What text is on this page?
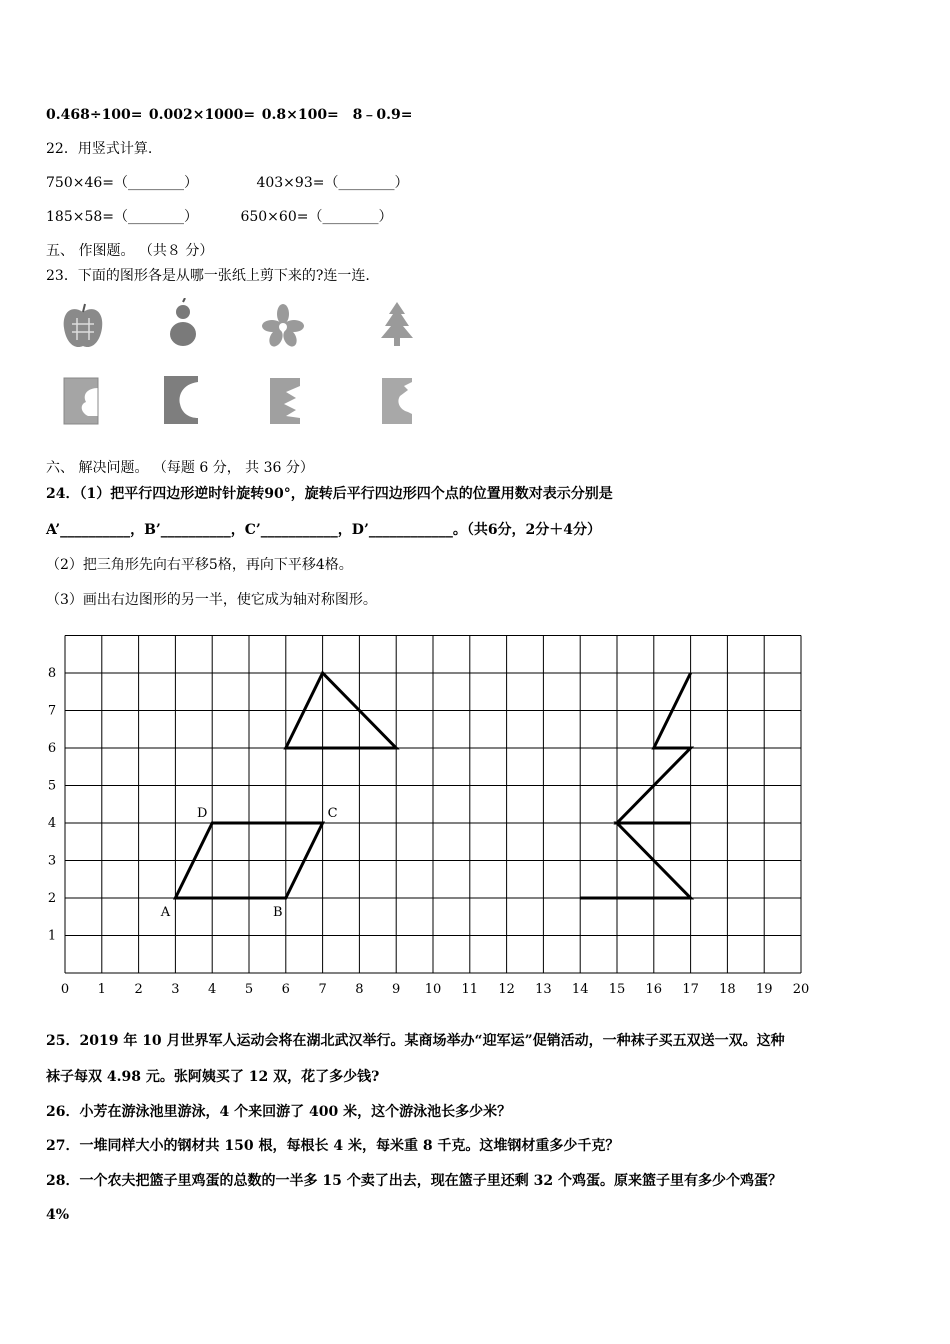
0.468÷100= 0.002×1000= 0.8×100= 8﹣0.9=
22．用竖式计算.
750×46=（________）	403×93=（________）
185×58=（________）	650×60=（________）
五、 作图题。 （共８ 分）
23．下面的图形各是从哪一张纸上剪下来的?连一连.
六、 解决问题。 （每题 6 分， 共 36 分）
24．（1）把平行四边形逆时针旋转90°，旋转后平行四边形四个点的位置用数对表示分别是
A’__________，B’__________，C’___________，D’____________。（共6分，2分＋4分）
（2）把三角形先向右平移5格，再向下平移4格。
（3）画出右边图形的另一半，使它成为轴对称图形。
0 1 2 3 4 5 6 7 8 9 10 11 12 13 14 15 16 17 18 19 20
1
2
3
4
5
6
7
8
A	B
C
D
25．2019 年 10 月世界军人运动会将在湖北武汉举行。某商场举办“迎军运”促销活动，一种袜子买五双送一双。这种
袜子每双 4.98 元。张阿姨买了 12 双，花了多少钱?
26．小芳在游泳池里游泳，4 个来回游了 400 米，这个游泳池长多少米？
27．一堆同样大小的钢材共 150 根，每根长 4 米，每米重 8 千克。这堆钢材重多少千克？
28．一个农夫把篮子里鸡蛋的总数的一半多 15 个卖了出去，现在篮子里还剩 32 个鸡蛋。原来篮子里有多少个鸡蛋？
4%
